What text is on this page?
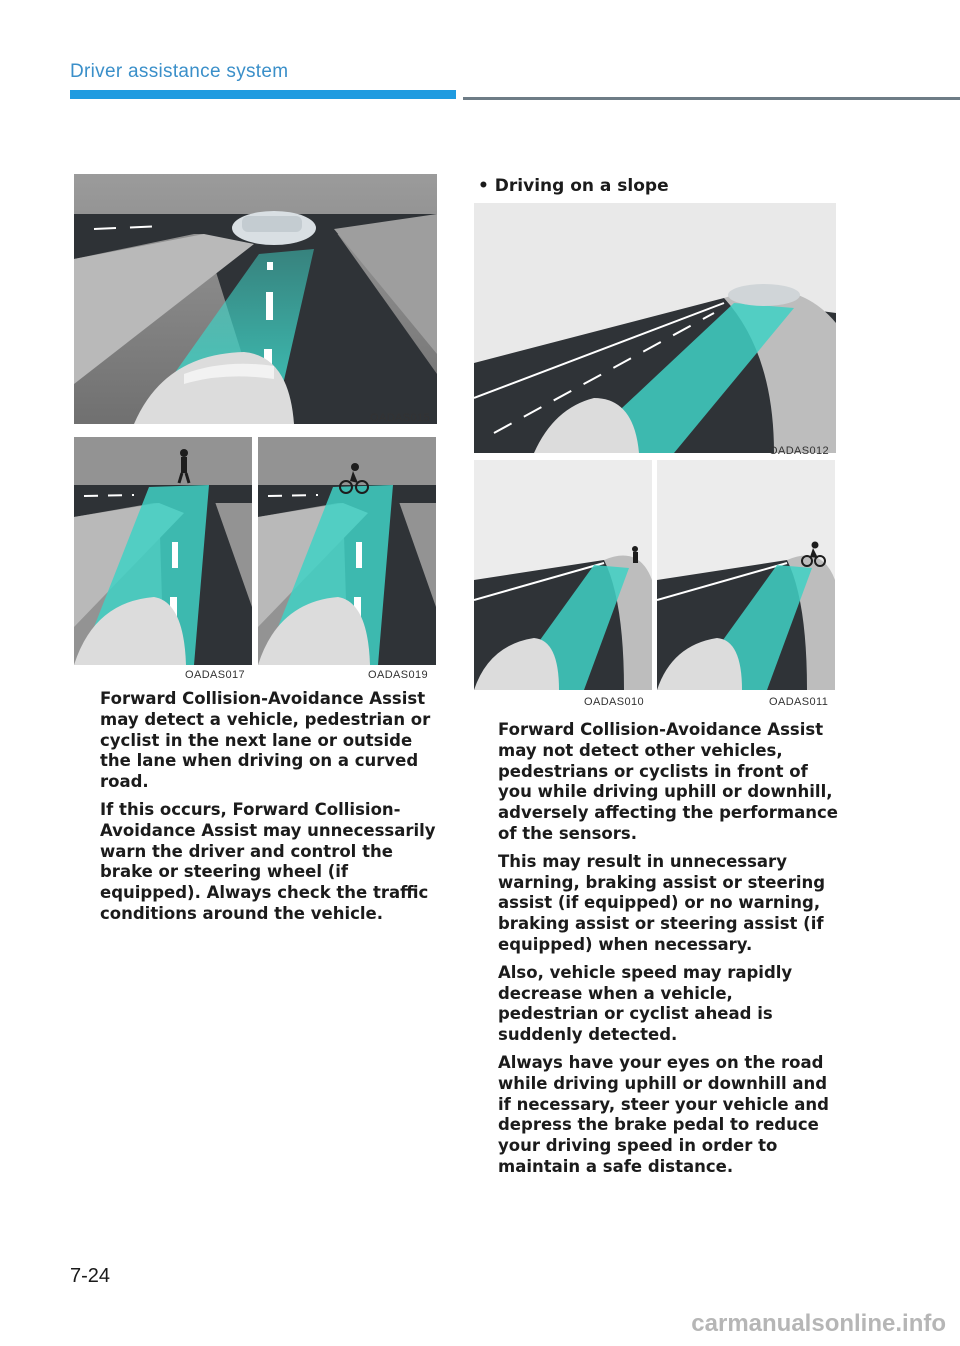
Driver assistance system
OADAS015
OADAS017	OADAS019

Forward Collision-Avoidance Assist may detect a vehicle, pedestrian or cyclist in the next lane or outside the lane when driving on a curved road.

If this occurs, Forward Collision-Avoidance Assist may unnecessarily warn the driver and control the brake or steering wheel (if equipped). Always check the traffic conditions around the vehicle.

• Driving on a slope
OADAS012
OADAS010	OADAS011

Forward Collision-Avoidance Assist may not detect other vehicles, pedestrians or cyclists in front of you while driving uphill or downhill, adversely affecting the performance of the sensors.

This may result in unnecessary warning, braking assist or steering assist (if equipped) or no warning, braking assist or steering assist (if equipped) when necessary.

Also, vehicle speed may rapidly decrease when a vehicle, pedestrian or cyclist ahead is suddenly detected.

Always have your eyes on the road while driving uphill or downhill and if necessary, steer your vehicle and depress the brake pedal to reduce your driving speed in order to maintain a safe distance.

7-24
carmanualsonline.info
